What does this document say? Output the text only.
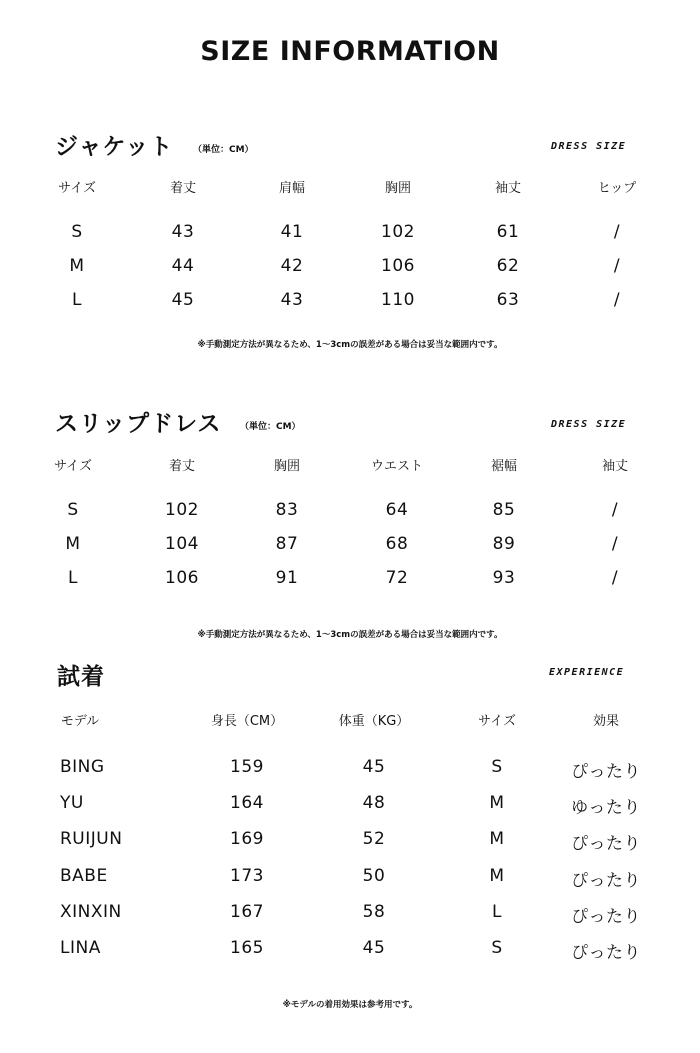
SIZE INFORMATION
ジャケット （単位：CM）	DRESS SIZE
サイズ	着丈	肩幅	胸囲	袖丈	ヒップ
S	43	41	102	61	/
M	44	42	106	62	/
L	45	43	110	63	/
※手動測定方法が異なるため、1～3cmの誤差がある場合は妥当な範囲内です。
スリップドレス （単位：CM）	DRESS SIZE
サイズ	着丈	胸囲	ウエスト	裾幅	袖丈
S	102	83	64	85	/
M	104	87	68	89	/
L	106	91	72	93	/
※手動測定方法が異なるため、1～3cmの誤差がある場合は妥当な範囲内です。
試着	EXPERIENCE
モデル	身長（CM）	体重（KG）	サイズ	効果
BING	159	45	S	ぴったり
YU	164	48	M	ゆったり
RUIJUN	169	52	M	ぴったり
BABE	173	50	M	ぴったり
XINXIN	167	58	L	ぴったり
LINA	165	45	S	ぴったり
※モデルの着用効果は参考用です。
